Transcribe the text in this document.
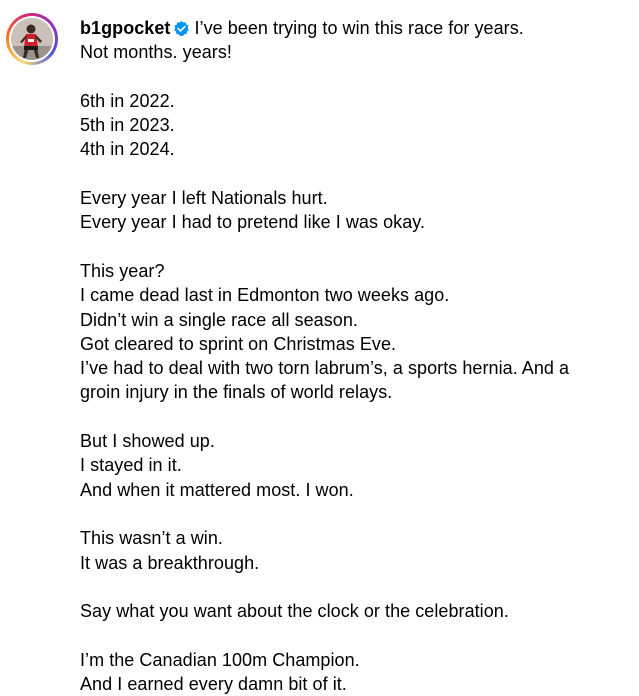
b1gpocket I’ve been trying to win this race for years.
Not months. years!
6th in 2022.
5th in 2023.
4th in 2024.
Every year I left Nationals hurt.
Every year I had to pretend like I was okay.
This year?
I came dead last in Edmonton two weeks ago.
Didn’t win a single race all season.
Got cleared to sprint on Christmas Eve.
I’ve had to deal with two torn labrum’s, a sports hernia. And a
groin injury in the finals of world relays.
But I showed up.
I stayed in it.
And when it mattered most. I won.
This wasn’t a win.
It was a breakthrough.
Say what you want about the clock or the celebration.
I’m the Canadian 100m Champion.
And I earned every damn bit of it.
